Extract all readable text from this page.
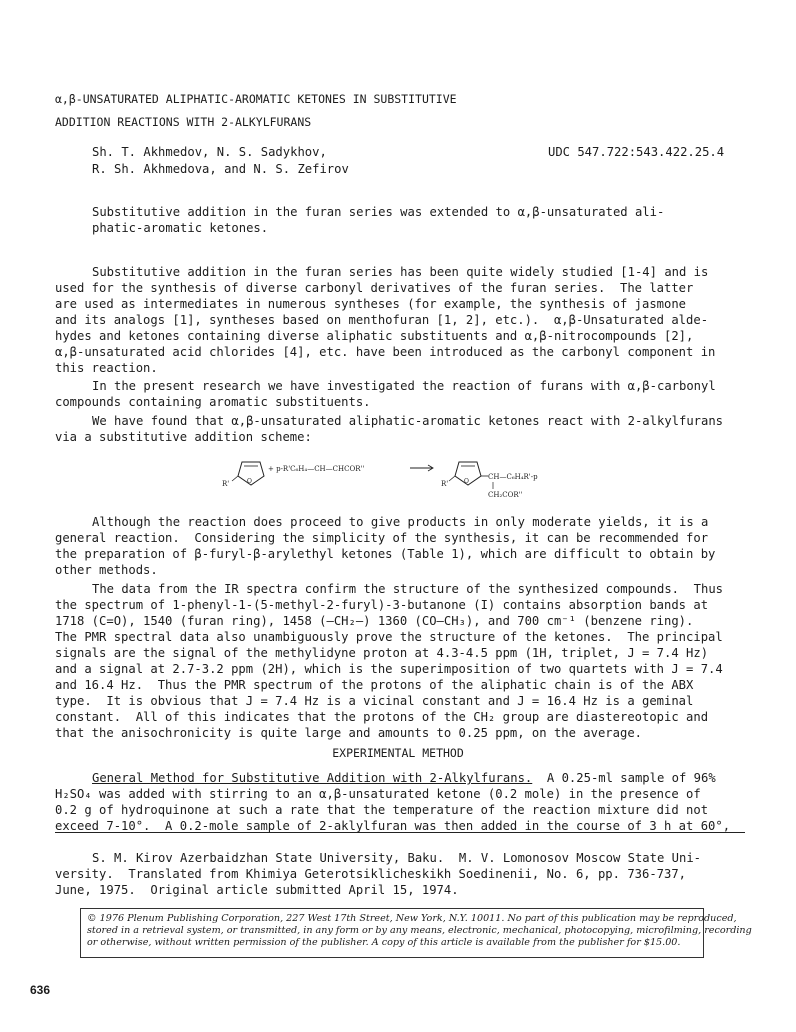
α,β-UNSATURATED ALIPHATIC-AROMATIC KETONES IN SUBSTITUTIVE
ADDITION REACTIONS WITH 2-ALKYLFURANS
Sh. T. Akhmedov, N. S. Sadykhov,
R. Sh. Akhmedova, and N. S. Zefirov
UDC 547.722:543.422.25.4
Substitutive addition in the furan series was extended to α,β-unsaturated ali-
phatic-aromatic ketones.
Substitutive addition in the furan series has been quite widely studied [1-4] and is
used for the synthesis of diverse carbonyl derivatives of the furan series.  The latter
are used as intermediates in numerous syntheses (for example, the synthesis of jasmone
and its analogs [1], syntheses based on menthofuran [1, 2], etc.).  α,β-Unsaturated alde-
hydes and ketones containing diverse aliphatic substituents and α,β-nitrocompounds [2],
α,β-unsaturated acid chlorides [4], etc. have been introduced as the carbonyl component in
this reaction.
In the present research we have investigated the reaction of furans with α,β-carbonyl
compounds containing aromatic substituents.
We have found that α,β-unsaturated aliphatic-aromatic ketones react with 2-alkylfurans
via a substitutive addition scheme:
O
R'
+ p-R'C₆H₄—CH—CHCOR''
O
R'
CH—C₆H₄R'-p
CH₂COR''
Although the reaction does proceed to give products in only moderate yields, it is a
general reaction.  Considering the simplicity of the synthesis, it can be recommended for
the preparation of β-furyl-β-arylethyl ketones (Table 1), which are difficult to obtain by
other methods.
The data from the IR spectra confirm the structure of the synthesized compounds.  Thus
the spectrum of 1-phenyl-1-(5-methyl-2-furyl)-3-butanone (I) contains absorption bands at
1718 (C=O), 1540 (furan ring), 1458 (—CH₂—) 1360 (CO—CH₃), and 700 cm⁻¹ (benzene ring).
The PMR spectral data also unambiguously prove the structure of the ketones.  The principal
signals are the signal of the methylidyne proton at 4.3-4.5 ppm (1H, triplet, J = 7.4 Hz)
and a signal at 2.7-3.2 ppm (2H), which is the superimposition of two quartets with J = 7.4
and 16.4 Hz.  Thus the PMR spectrum of the protons of the aliphatic chain is of the ABX
type.  It is obvious that J = 7.4 Hz is a vicinal constant and J = 16.4 Hz is a geminal
constant.  All of this indicates that the protons of the CH₂ group are diastereotopic and
that the anisochronicity is quite large and amounts to 0.25 ppm, on the average.
EXPERIMENTAL METHOD
General Method for Substitutive Addition with 2-Alkylfurans.  A 0.25-ml sample of 96%
H₂SO₄ was added with stirring to an α,β-unsaturated ketone (0.2 mole) in the presence of
0.2 g of hydroquinone at such a rate that the temperature of the reaction mixture did not
exceed 7-10°.  A 0.2-mole sample of 2-aklylfuran was then added in the course of 3 h at 60°,
S. M. Kirov Azerbaidzhan State University, Baku.  M. V. Lomonosov Moscow State Uni-
versity.  Translated from Khimiya Geterotsiklicheskikh Soedinenii, No. 6, pp. 736-737,
June, 1975.  Original article submitted April 15, 1974.
© 1976 Plenum Publishing Corporation, 227 West 17th Street, New York, N.Y. 10011. No part of this publication may be reproduced,
stored in a retrieval system, or transmitted, in any form or by any means, electronic, mechanical, photocopying, microfilming, recording
or otherwise, without written permission of the publisher. A copy of this article is available from the publisher for $15.00.
636
